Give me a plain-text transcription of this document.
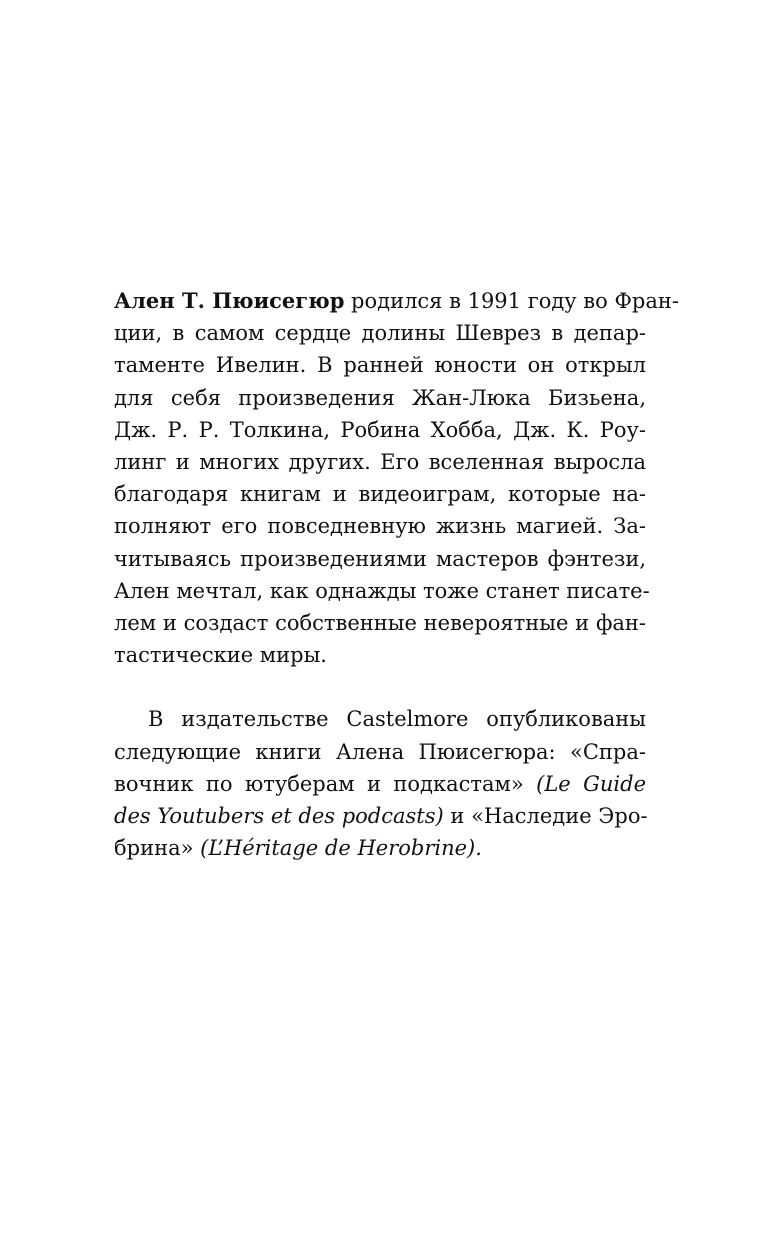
Ален Т. Пюисегюр родился в 1991 году во Фран-
ции, в самом сердце долины Шеврез в депар-
таменте Ивелин. В ранней юности он открыл
для себя произведения Жан-Люка Бизьена,
Дж. Р. Р. Толкина, Робина Хобба, Дж. К. Роу-
линг и многих других. Его вселенная выросла
благодаря книгам и видеоиграм, которые на-
полняют его повседневную жизнь магией. За-
читываясь произведениями мастеров фэнтези,
Ален мечтал, как однажды тоже станет писате-
лем и создаст собственные невероятные и фан-
тастические миры.
В издательстве Castelmore опубликованы
следующие книги Алена Пюисегюра: «Спра-
вочник по ютуберам и подкастам» (Le Guide
des Youtubers et des podcasts) и «Наследие Эро-
брина» (L’Héritage de Herobrine).
